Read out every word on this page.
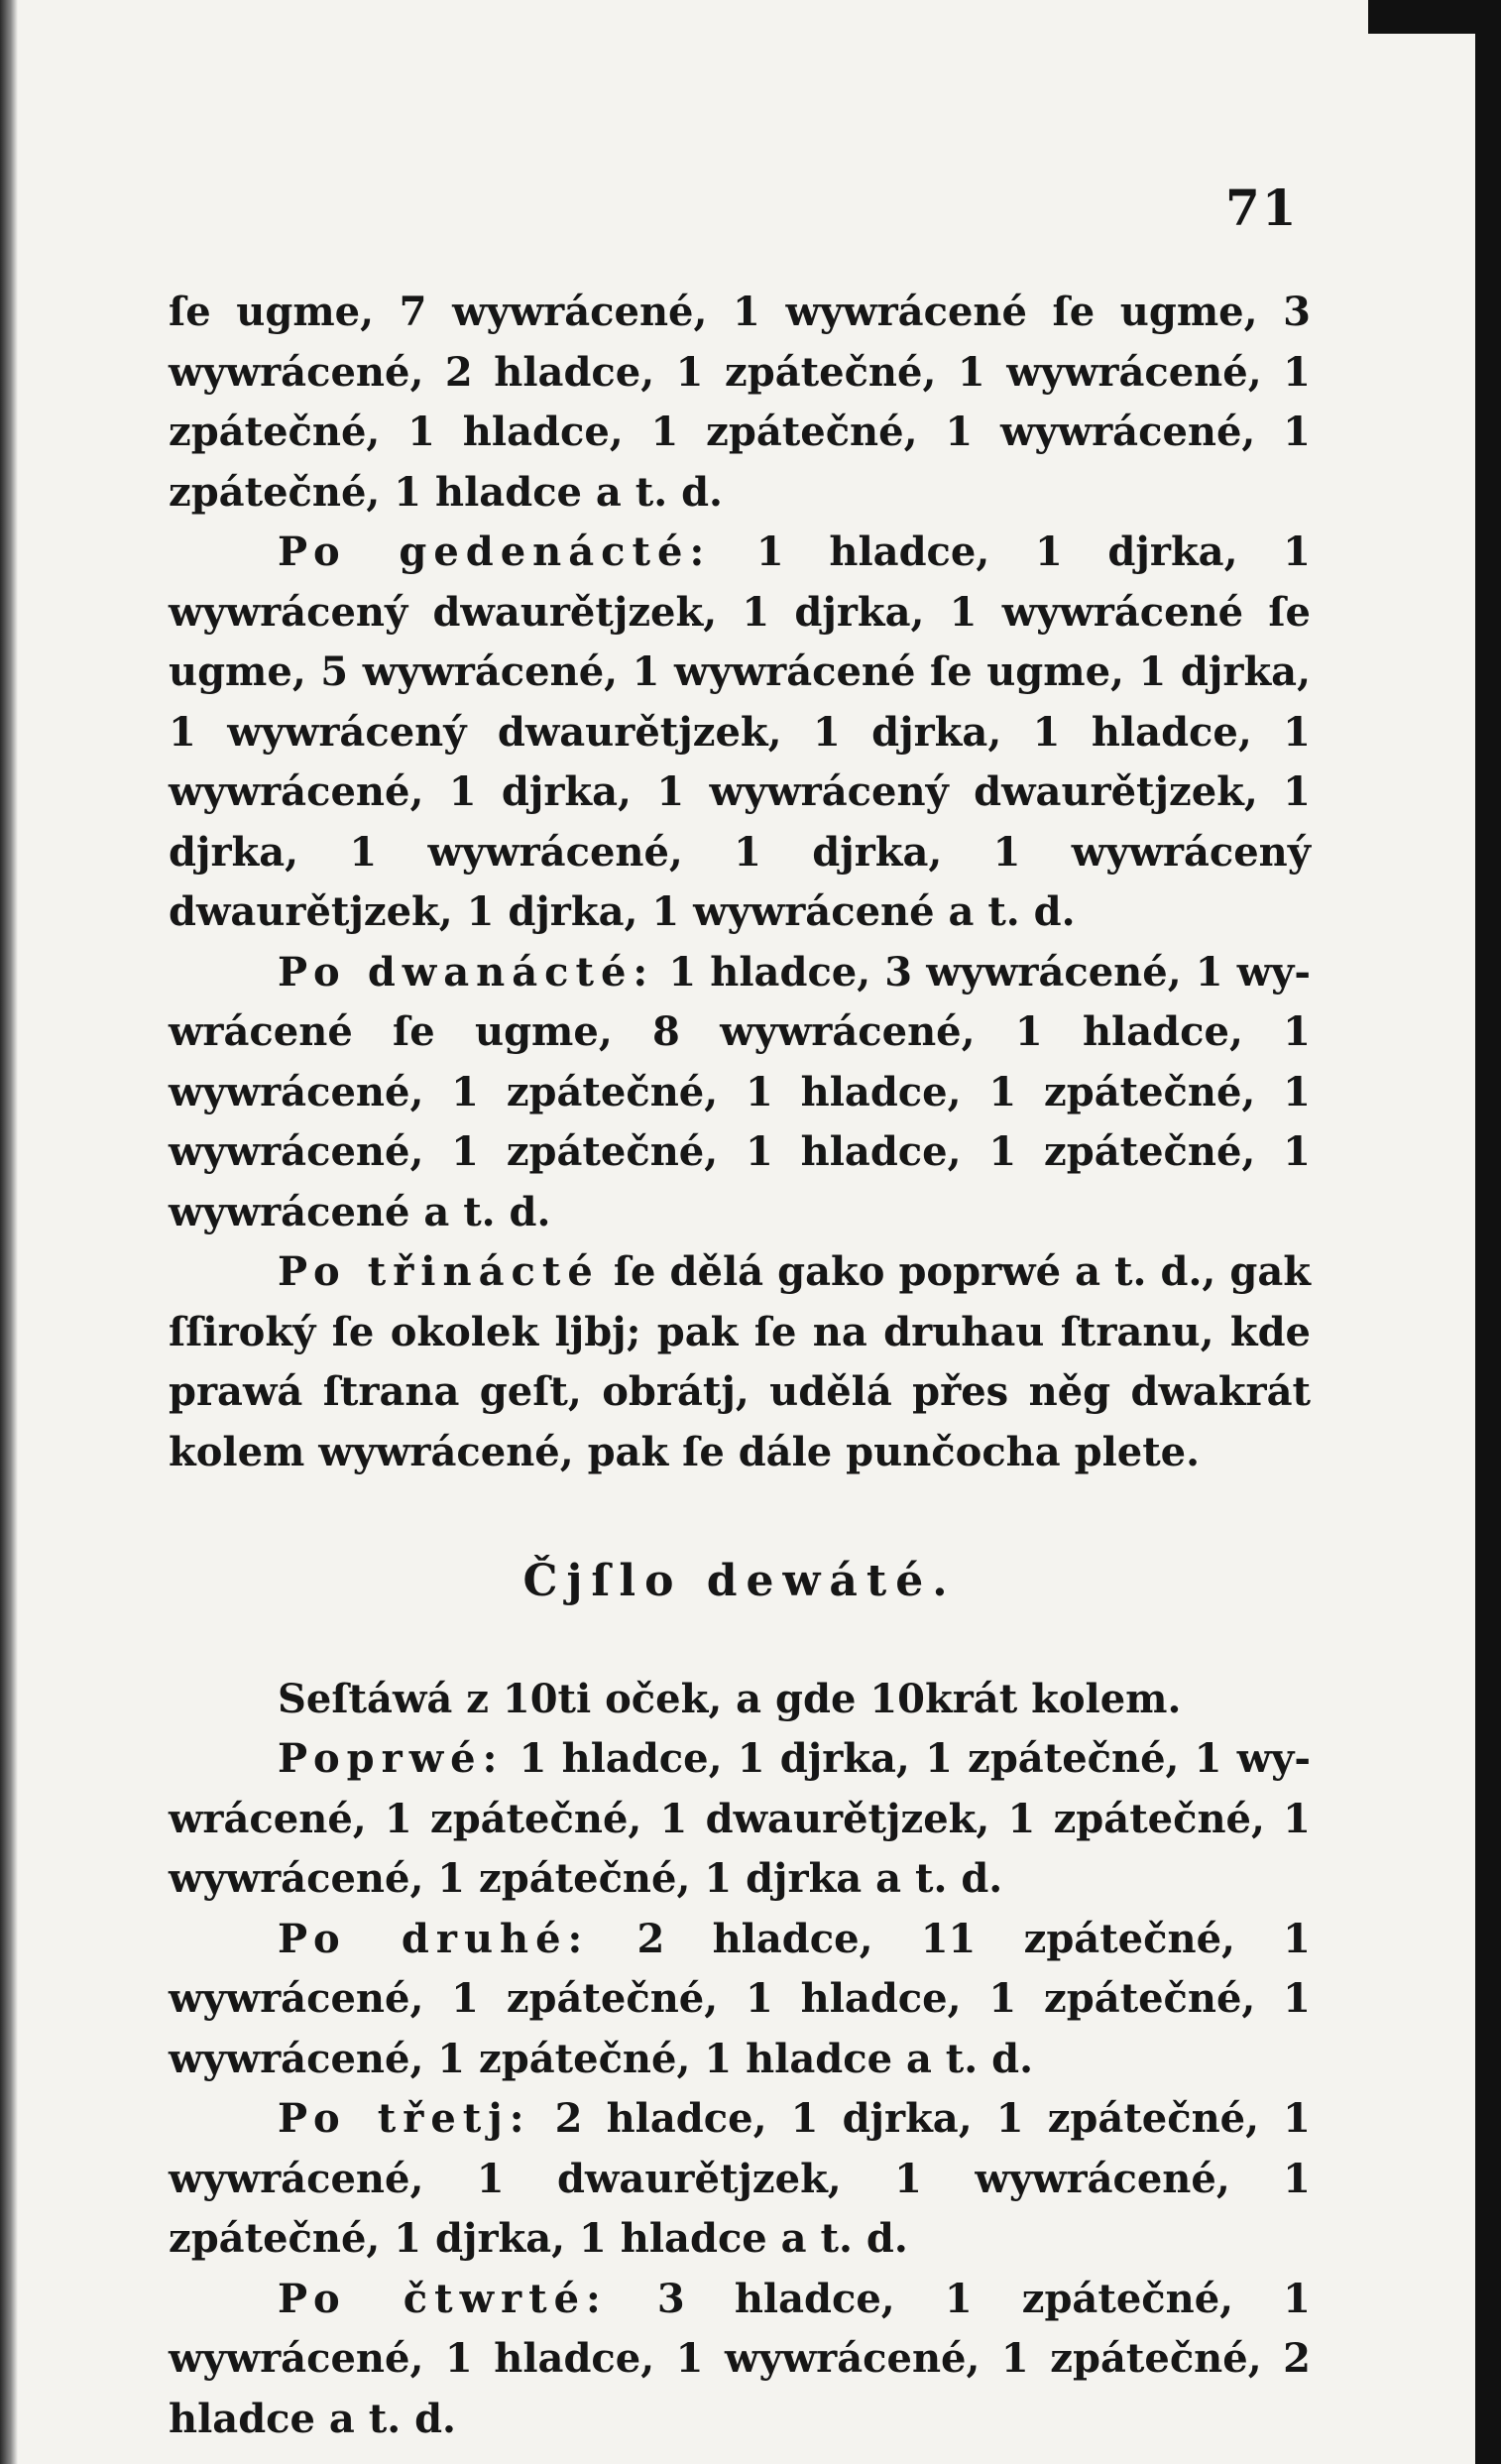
71

ſe ugme, 7 wywrácené, 1 wywrácené ſe ugme, 3 wywrácené, 2 hladce, 1 zpátečné, 1 wywrácené, 1 zpátečné, 1 hladce, 1 zpátečné, 1 wywrácené, 1 zpátečné, 1 hladce a t. d.

Po gedenácté: 1 hladce, 1 djrka, 1 wywrácený dwaurětjzek, 1 djrka, 1 wywrácené ſe ugme, 5 wywrácené, 1 wywrácené ſe ugme, 1 djrka, 1 wywrácený dwaurětjzek, 1 djrka, 1 hladce, 1 wywrácené, 1 djrka, 1 wywrácený dwaurětjzek, 1 djrka, 1 wywrácené, 1 djrka, 1 wywrácený dwaurětjzek, 1 djrka, 1 wywrácené a t. d.

Po dwanácté: 1 hladce, 3 wywrácené, 1 wywrácené ſe ugme, 8 wywrácené, 1 hladce, 1 wywrácené, 1 zpátečné, 1 hladce, 1 zpátečné, 1 wywrácené, 1 zpátečné, 1 hladce, 1 zpátečné, 1 wywrácené a t. d.

Po třinácté ſe dělá gako poprwé a t. d., gak ſſiroký ſe okolek ljbj; pak ſe na druhau ſtranu, kde prawá ſtrana geſt, obrátj, udělá přes něg dwakrát kolem wywrácené, pak ſe dále punčocha plete.

Čjſlo dewáté.

Seſtáwá z 10ti oček, a gde 10krát kolem.

Poprwé: 1 hladce, 1 djrka, 1 zpátečné, 1 wywrácené, 1 zpátečné, 1 dwaurětjzek, 1 zpátečné, 1 wywrácené, 1 zpátečné, 1 djrka a t. d.

Po druhé: 2 hladce, 11 zpátečné, 1 wywrácené, 1 zpátečné, 1 hladce, 1 zpátečné, 1 wywrácené, 1 zpátečné, 1 hladce a t. d.

Po třetj: 2 hladce, 1 djrka, 1 zpátečné, 1 wywrácené, 1 dwaurětjzek, 1 wywrácené, 1 zpátečné, 1 djrka, 1 hladce a t. d.

Po čtwrté: 3 hladce, 1 zpátečné, 1 wywrácené, 1 hladce, 1 wywrácené, 1 zpátečné, 2 hladce a t. d.
